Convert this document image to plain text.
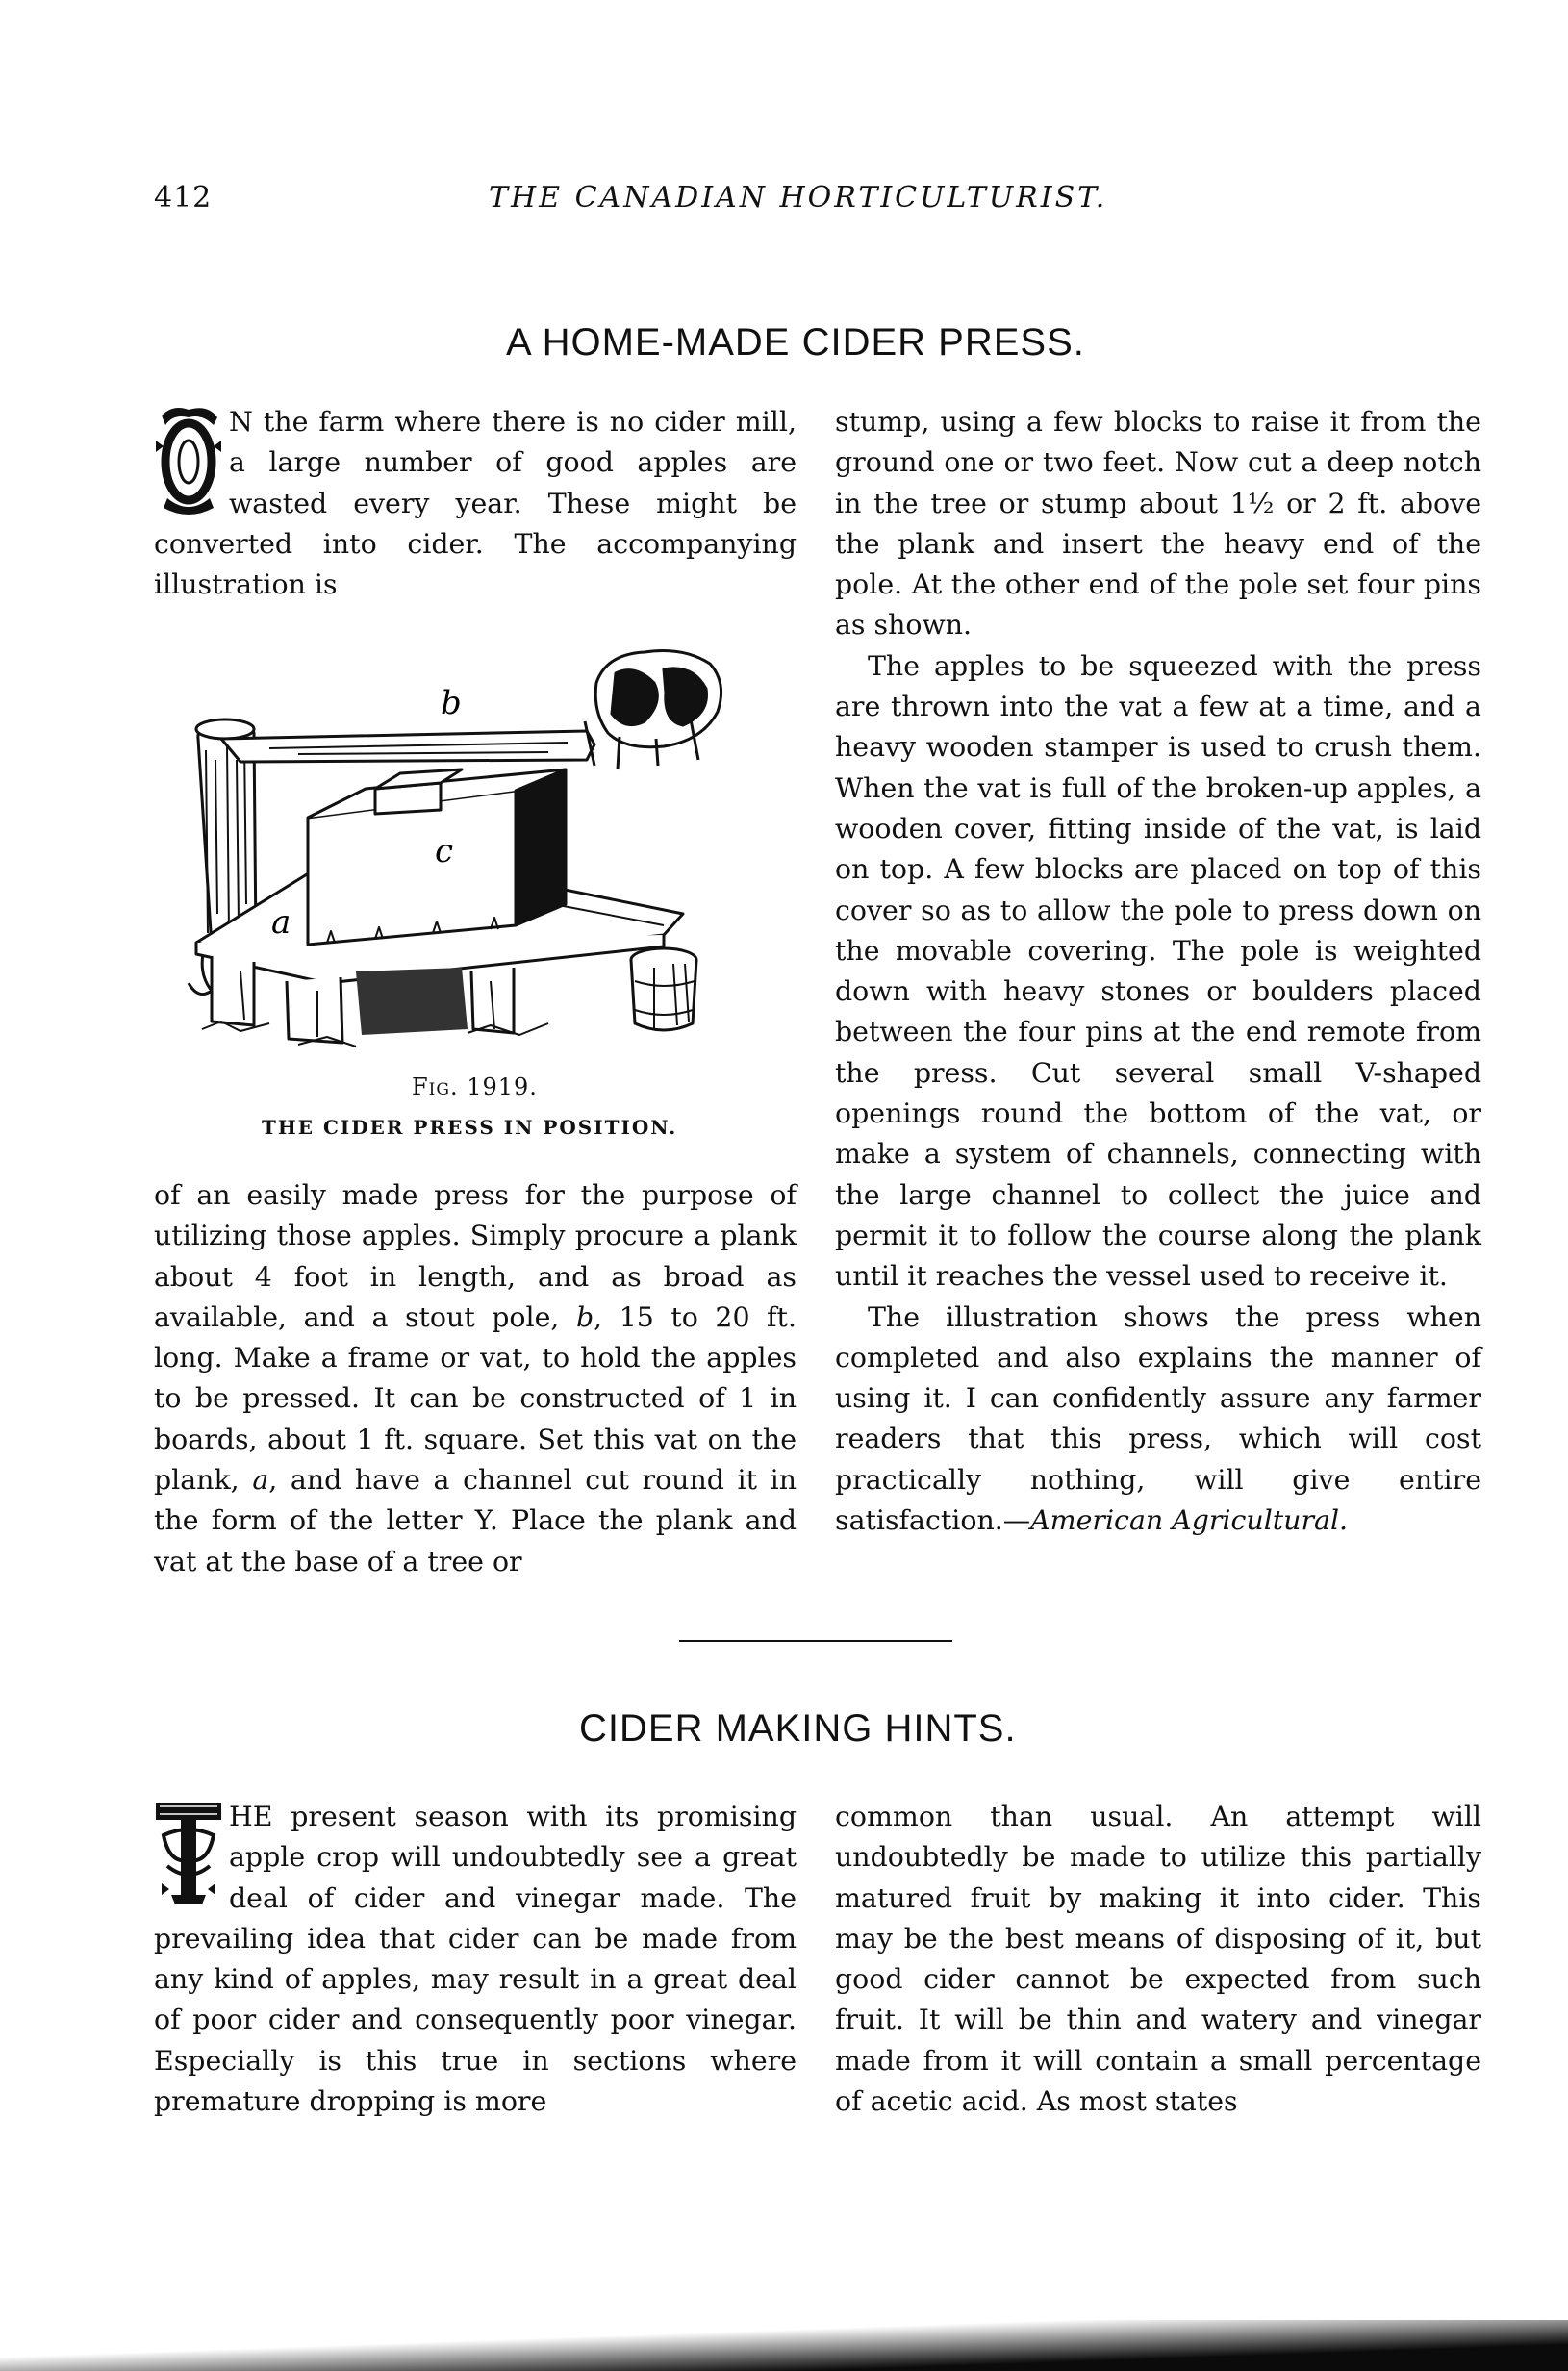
412	THE CANADIAN HORTICULTURIST.
A HOME-MADE CIDER PRESS.

N the farm where there is no cider mill, a large number of good apples are wasted every year. These might be converted into cider. The accompanying illustration is

b
c
a
Fig. 1919.
THE CIDER PRESS IN POSITION.

of an easily made press for the purpose of utilizing those apples. Simply procure a plank about 4 foot in length, and as broad as available, and a stout pole, b, 15 to 20 ft. long. Make a frame or vat, to hold the apples to be pressed. It can be constructed of 1 in boards, about 1 ft. square. Set this vat on the plank, a, and have a channel cut round it in the form of the letter Y. Place the plank and vat at the base of a tree or

stump, using a few blocks to raise it from the ground one or two feet. Now cut a deep notch in the tree or stump about 1½ or 2 ft. above the plank and insert the heavy end of the pole. At the other end of the pole set four pins as shown.

The apples to be squeezed with the press are thrown into the vat a few at a time, and a heavy wooden stamper is used to crush them. When the vat is full of the broken-up apples, a wooden cover, fitting inside of the vat, is laid on top. A few blocks are placed on top of this cover so as to allow the pole to press down on the movable covering. The pole is weighted down with heavy stones or boulders placed between the four pins at the end remote from the press. Cut several small V-shaped openings round the bottom of the vat, or make a system of channels, connecting with the large channel to collect the juice and permit it to follow the course along the plank until it reaches the vessel used to receive it.

The illustration shows the press when completed and also explains the manner of using it. I can confidently assure any farmer readers that this press, which will cost practically nothing, will give entire satisfaction.—American Agricultural.

CIDER MAKING HINTS.

HE present season with its promising apple crop will undoubtedly see a great deal of cider and vinegar made. The prevailing idea that cider can be made from any kind of apples, may result in a great deal of poor cider and consequently poor vinegar. Especially is this true in sections where premature dropping is more

common than usual. An attempt will undoubtedly be made to utilize this partially matured fruit by making it into cider. This may be the best means of disposing of it, but good cider cannot be expected from such fruit. It will be thin and watery and vinegar made from it will contain a small percentage of acetic acid. As most states
